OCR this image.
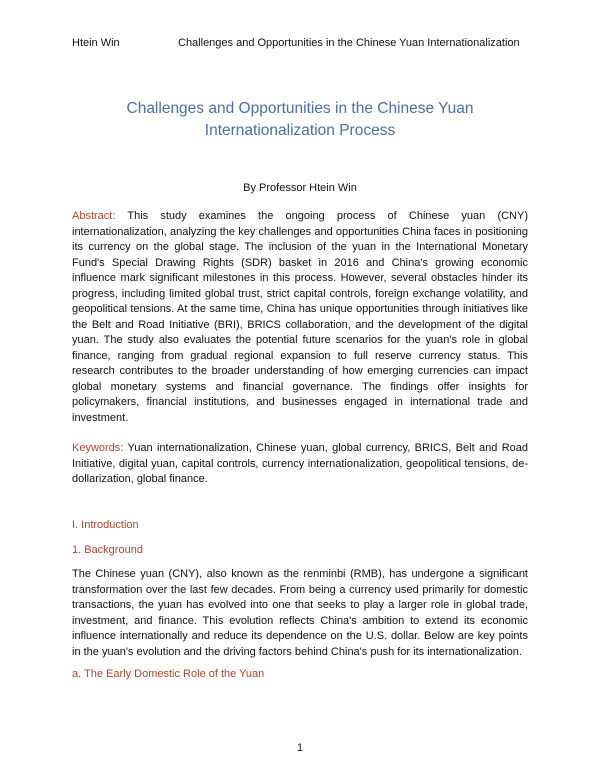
Htein Win	Challenges and Opportunities in the Chinese Yuan Internationalization
Challenges and Opportunities in the Chinese Yuan Internationalization Process
By Professor Htein Win
Abstract: This study examines the ongoing process of Chinese yuan (CNY) internationalization, analyzing the key challenges and opportunities China faces in positioning its currency on the global stage. The inclusion of the yuan in the International Monetary Fund's Special Drawing Rights (SDR) basket in 2016 and China's growing economic influence mark significant milestones in this process. However, several obstacles hinder its progress, including limited global trust, strict capital controls, foreign exchange volatility, and geopolitical tensions. At the same time, China has unique opportunities through initiatives like the Belt and Road Initiative (BRI), BRICS collaboration, and the development of the digital yuan. The study also evaluates the potential future scenarios for the yuan's role in global finance, ranging from gradual regional expansion to full reserve currency status. This research contributes to the broader understanding of how emerging currencies can impact global monetary systems and financial governance. The findings offer insights for policymakers, financial institutions, and businesses engaged in international trade and investment.
Keywords: Yuan internationalization, Chinese yuan, global currency, BRICS, Belt and Road Initiative, digital yuan, capital controls, currency internationalization, geopolitical tensions, de-dollarization, global finance.
I. Introduction
1. Background
The Chinese yuan (CNY), also known as the renminbi (RMB), has undergone a significant transformation over the last few decades. From being a currency used primarily for domestic transactions, the yuan has evolved into one that seeks to play a larger role in global trade, investment, and finance. This evolution reflects China's ambition to extend its economic influence internationally and reduce its dependence on the U.S. dollar. Below are key points in the yuan's evolution and the driving factors behind China's push for its internationalization.
a. The Early Domestic Role of the Yuan
1
